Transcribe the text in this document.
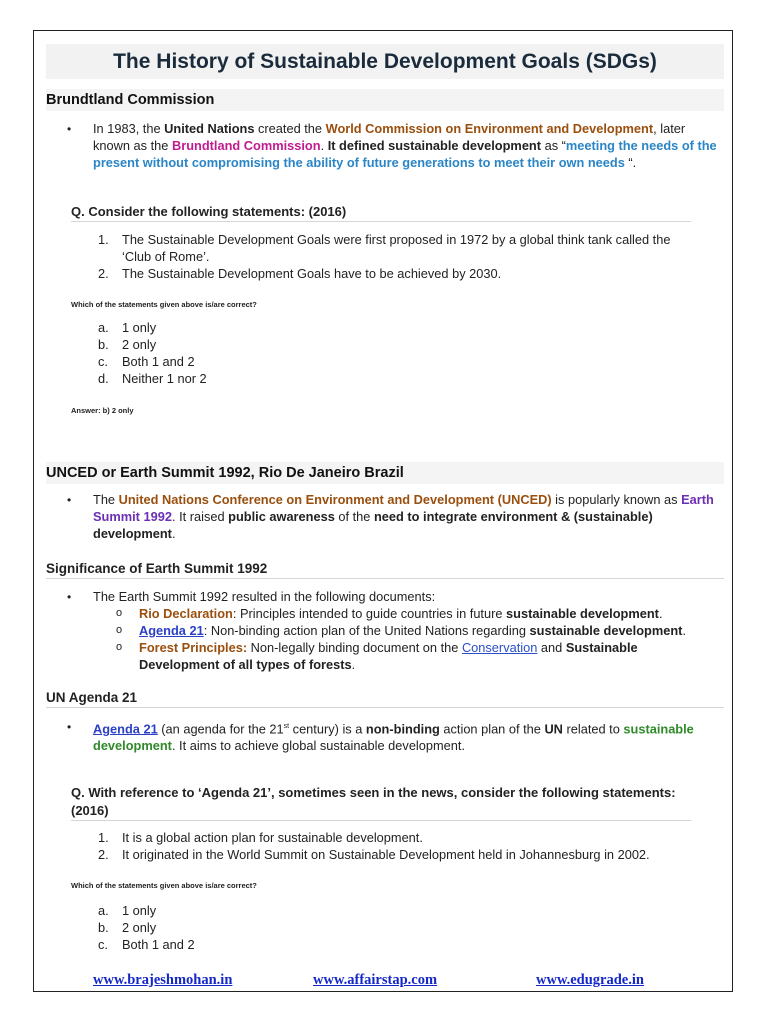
The History of Sustainable Development Goals (SDGs)
Brundtland Commission
• In 1983, the United Nations created the World Commission on Environment and Development, later known as the Brundtland Commission. It defined sustainable development as “meeting the needs of the present without compromising the ability of future generations to meet their own needs “.
Q. Consider the following statements: (2016)
1.	The Sustainable Development Goals were first proposed in 1972 by a global think tank called the ‘Club of Rome’.
2.	The Sustainable Development Goals have to be achieved by 2030.
Which of the statements given above is/are correct?
a.	1 only
b.	2 only
c.	Both 1 and 2
d.	Neither 1 nor 2
Answer: b) 2 only
UNCED or Earth Summit 1992, Rio De Janeiro Brazil
• The United Nations Conference on Environment and Development (UNCED) is popularly known as Earth Summit 1992. It raised public awareness of the need to integrate environment & (sustainable) development.
Significance of Earth Summit 1992
• The Earth Summit 1992 resulted in the following documents:
o Rio Declaration: Principles intended to guide countries in future sustainable development.
o Agenda 21: Non-binding action plan of the United Nations regarding sustainable development.
o Forest Principles: Non-legally binding document on the Conservation and Sustainable Development of all types of forests.
UN Agenda 21
• Agenda 21 (an agenda for the 21st century) is a non-binding action plan of the UN related to sustainable development. It aims to achieve global sustainable development.
Q. With reference to ‘Agenda 21’, sometimes seen in the news, consider the following statements: (2016)
1.	It is a global action plan for sustainable development.
2.	It originated in the World Summit on Sustainable Development held in Johannesburg in 2002.
Which of the statements given above is/are correct?
a.	1 only
b.	2 only
c.	Both 1 and 2
www.brajeshmohan.in	www.affairstap.com	www.edugrade.in
